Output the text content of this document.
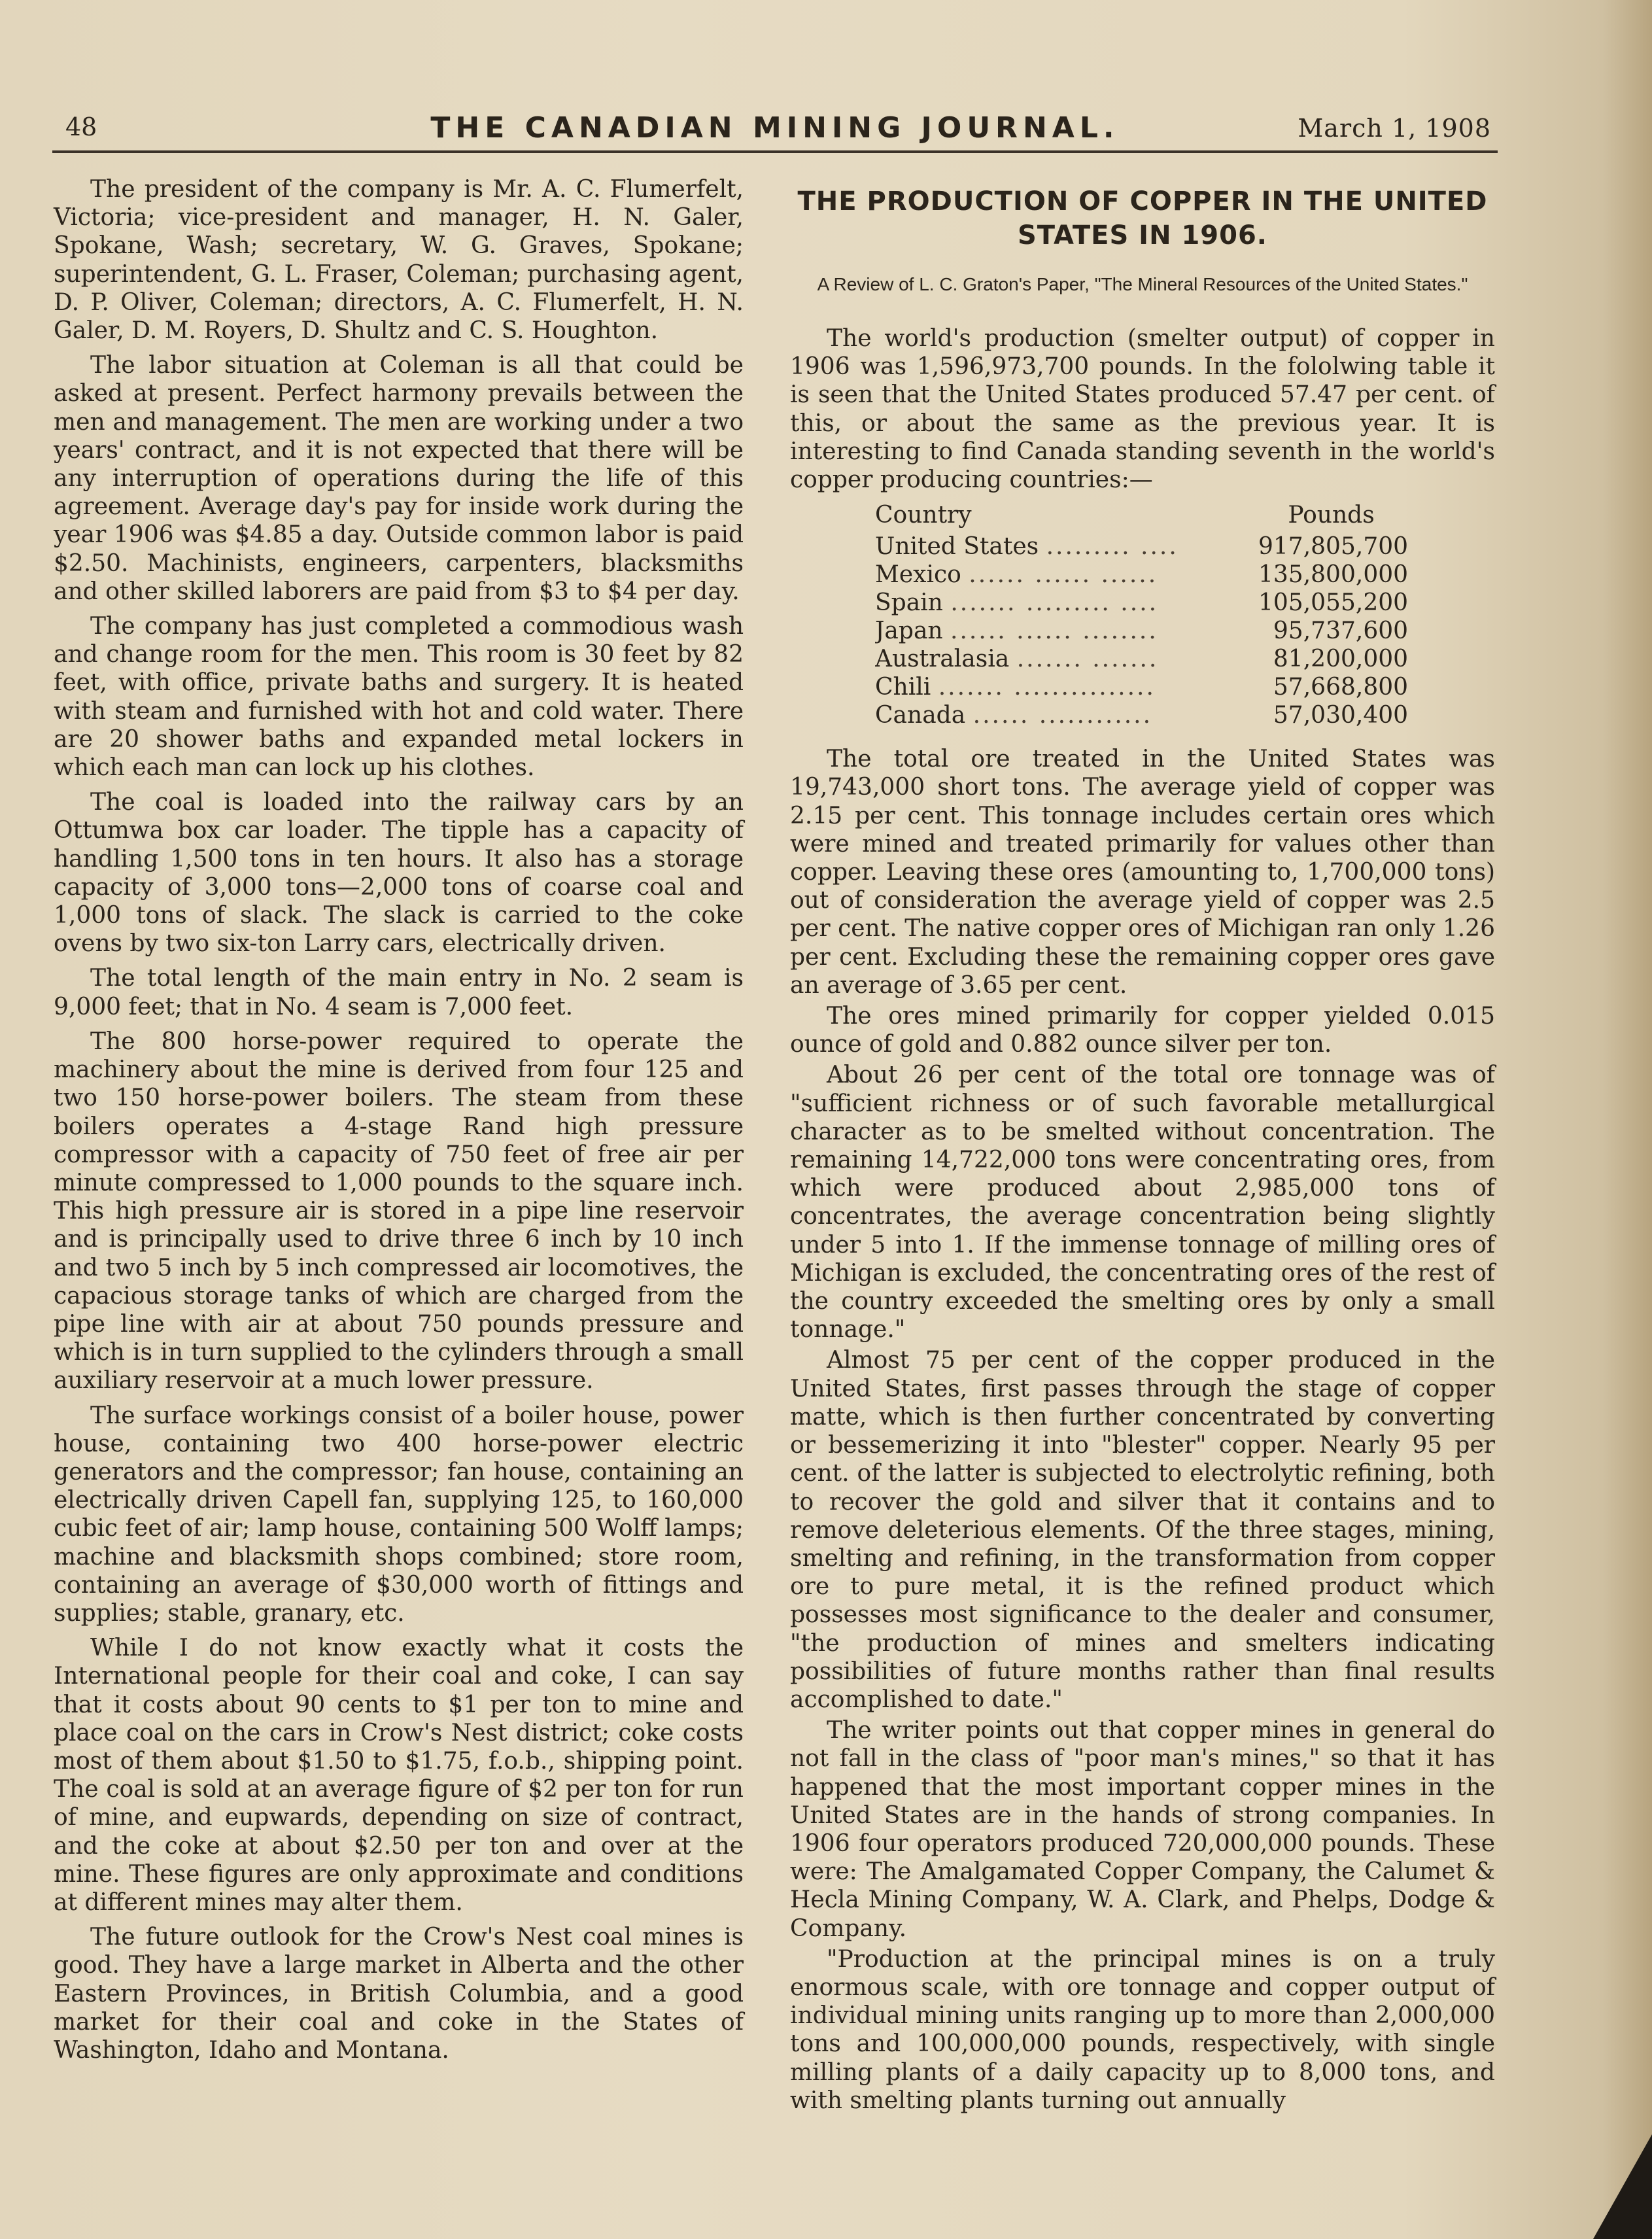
48	THE CANADIAN MINING JOURNAL.	March 1, 1908

The president of the company is Mr. A. C. Flumerfelt, Victoria; vice-president and manager, H. N. Galer, Spokane, Wash; secretary, W. G. Graves, Spokane; superintendent, G. L. Fraser, Coleman; purchasing agent, D. P. Oliver, Coleman; directors, A. C. Flumerfelt, H. N. Galer, D. M. Royers, D. Shultz and C. S. Houghton.

The labor situation at Coleman is all that could be asked at present. Perfect harmony prevails between the men and management. The men are working under a two years' contract, and it is not expected that there will be any interruption of operations during the life of this agreement. Average day's pay for inside work during the year 1906 was $4.85 a day. Outside common labor is paid $2.50. Machinists, engineers, carpenters, blacksmiths and other skilled laborers are paid from $3 to $4 per day.

The company has just completed a commodious wash and change room for the men. This room is 30 feet by 82 feet, with office, private baths and surgery. It is heated with steam and furnished with hot and cold water. There are 20 shower baths and expanded metal lockers in which each man can lock up his clothes.

The coal is loaded into the railway cars by an Ottumwa box car loader. The tipple has a capacity of handling 1,500 tons in ten hours. It also has a storage capacity of 3,000 tons—2,000 tons of coarse coal and 1,000 tons of slack. The slack is carried to the coke ovens by two six-ton Larry cars, electrically driven.

The total length of the main entry in No. 2 seam is 9,000 feet; that in No. 4 seam is 7,000 feet.

The 800 horse-power required to operate the machinery about the mine is derived from four 125 and two 150 horse-power boilers. The steam from these boilers operates a 4-stage Rand high pressure compressor with a capacity of 750 feet of free air per minute compressed to 1,000 pounds to the square inch. This high pressure air is stored in a pipe line reservoir and is principally used to drive three 6 inch by 10 inch and two 5 inch by 5 inch compressed air locomotives, the capacious storage tanks of which are charged from the pipe line with air at about 750 pounds pressure and which is in turn supplied to the cylinders through a small auxiliary reservoir at a much lower pressure.

The surface workings consist of a boiler house, power house, containing two 400 horse-power electric generators and the compressor; fan house, containing an electrically driven Capell fan, supplying 125, to 160,000 cubic feet of air; lamp house, containing 500 Wolff lamps; machine and blacksmith shops combined; store room, containing an average of $30,000 worth of fittings and supplies; stable, granary, etc.

While I do not know exactly what it costs the International people for their coal and coke, I can say that it costs about 90 cents to $1 per ton to mine and place coal on the cars in Crow's Nest district; coke costs most of them about $1.50 to $1.75, f.o.b., shipping point. The coal is sold at an average figure of $2 per ton for run of mine, and eupwards, depending on size of contract, and the coke at about $2.50 per ton and over at the mine. These figures are only approximate and conditions at different mines may alter them.

The future outlook for the Crow's Nest coal mines is good. They have a large market in Alberta and the other Eastern Provinces, in British Columbia, and a good market for their coal and coke in the States of Washington, Idaho and Montana.

THE PRODUCTION OF COPPER IN THE UNITED STATES IN 1906.
A Review of L. C. Graton's Paper, "The Mineral Resources of the United States."

The world's production (smelter output) of copper in 1906 was 1,596,973,700 pounds. In the fololwing table it is seen that the United States produced 57.47 per cent. of this, or about the same as the previous year. It is interesting to find Canada standing seventh in the world's copper producing countries:—

Country	Pounds
United States ......... ....	917,805,700
Mexico ...... ...... ......	135,800,000
Spain ....... ......... ....	105,055,200
Japan ...... ...... ........	95,737,600
Australasia ....... .......	81,200,000
Chili ....... ...............	57,668,800
Canada ...... ............	57,030,400

The total ore treated in the United States was 19,743,000 short tons. The average yield of copper was 2.15 per cent. This tonnage includes certain ores which were mined and treated primarily for values other than copper. Leaving these ores (amounting to, 1,700,000 tons) out of consideration the average yield of copper was 2.5 per cent. The native copper ores of Michigan ran only 1.26 per cent. Excluding these the remaining copper ores gave an average of 3.65 per cent.

The ores mined primarily for copper yielded 0.015 ounce of gold and 0.882 ounce silver per ton.

About 26 per cent of the total ore tonnage was of "sufficient richness or of such favorable metallurgical character as to be smelted without concentration. The remaining 14,722,000 tons were concentrating ores, from which were produced about 2,985,000 tons of concentrates, the average concentration being slightly under 5 into 1. If the immense tonnage of milling ores of Michigan is excluded, the concentrating ores of the rest of the country exceeded the smelting ores by only a small tonnage."

Almost 75 per cent of the copper produced in the United States, first passes through the stage of copper matte, which is then further concentrated by converting or bessemerizing it into "blester" copper. Nearly 95 per cent. of the latter is subjected to electrolytic refining, both to recover the gold and silver that it contains and to remove deleterious elements. Of the three stages, mining, smelting and refining, in the transformation from copper ore to pure metal, it is the refined product which possesses most significance to the dealer and consumer, "the production of mines and smelters indicating possibilities of future months rather than final results accomplished to date."

The writer points out that copper mines in general do not fall in the class of "poor man's mines," so that it has happened that the most important copper mines in the United States are in the hands of strong companies. In 1906 four operators produced 720,000,000 pounds. These were: The Amalgamated Copper Company, the Calumet & Hecla Mining Company, W. A. Clark, and Phelps, Dodge & Company.

"Production at the principal mines is on a truly enormous scale, with ore tonnage and copper output of individual mining units ranging up to more than 2,000,000 tons and 100,000,000 pounds, respectively, with single milling plants of a daily capacity up to 8,000 tons, and with smelting plants turning out annually
